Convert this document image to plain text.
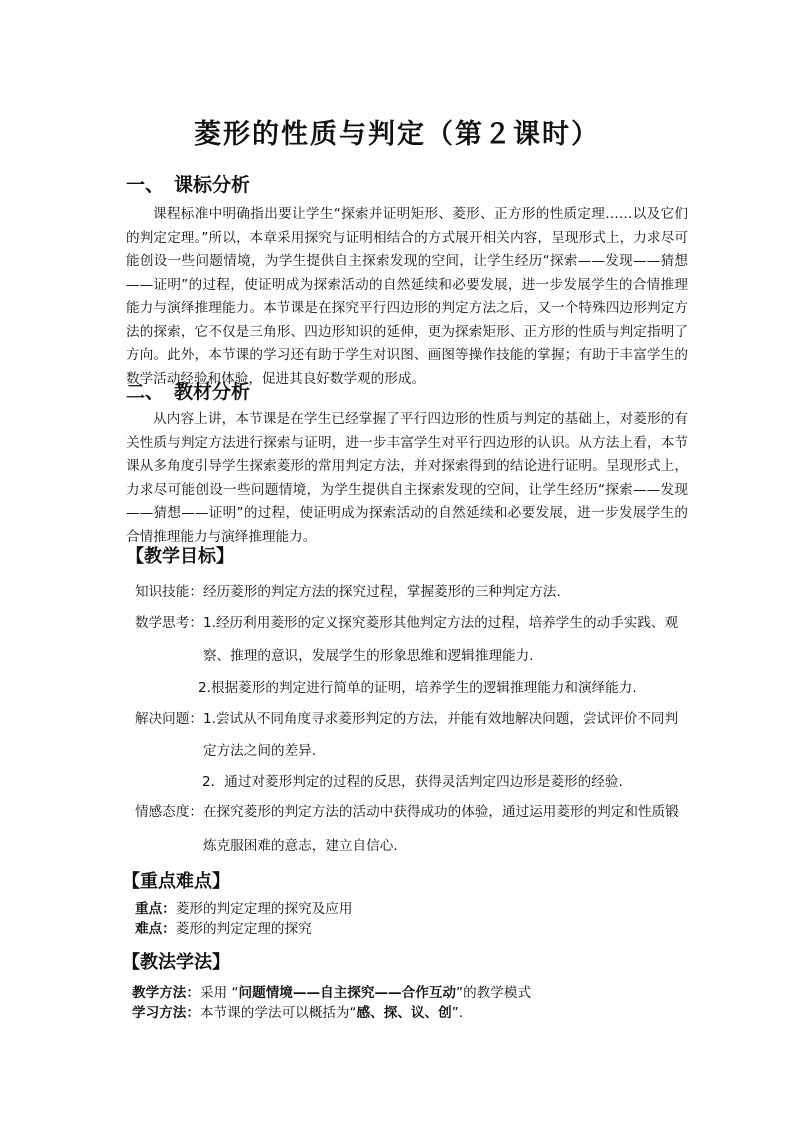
菱形的性质与判定（第２课时）
一、 课标分析

课程标准中明确指出要让学生“探索并证明矩形、菱形、正方形的性质定理……以及它们的判定定理。”所以，本章采用探究与证明相结合的方式展开相关内容，呈现形式上，力求尽可能创设一些问题情境，为学生提供自主探索发现的空间，让学生经历“探索——发现——猜想——证明”的过程，使证明成为探索活动的自然延续和必要发展，进一步发展学生的合情推理能力与演绎推理能力。本节课是在探究平行四边形的判定方法之后，又一个特殊四边形判定方法的探索，它不仅是三角形、四边形知识的延伸，更为探索矩形、正方形的性质与判定指明了方向。此外，本节课的学习还有助于学生对识图、画图等操作技能的掌握；有助于丰富学生的数学活动经验和体验，促进其良好数学观的形成。

二、 教材分析

从内容上讲，本节课是在学生已经掌握了平行四边形的性质与判定的基础上，对菱形的有关性质与判定方法进行探索与证明，进一步丰富学生对平行四边形的认识。从方法上看，本节课从多角度引导学生探索菱形的常用判定方法，并对探索得到的结论进行证明。呈现形式上，力求尽可能创设一些问题情境，为学生提供自主探索发现的空间，让学生经历“探索——发现——猜想——证明”的过程，使证明成为探索活动的自然延续和必要发展，进一步发展学生的合情推理能力与演绎推理能力。

【教学目标】
知识技能：经历菱形的判定方法的探究过程，掌握菱形的三种判定方法.
数学思考：1.经历利用菱形的定义探究菱形其他判定方法的过程，培养学生的动手实践、观
察、推理的意识，发展学生的形象思维和逻辑推理能力.
2.根据菱形的判定进行简单的证明，培养学生的逻辑推理能力和演绎能力.
解决问题：1.尝试从不同角度寻求菱形判定的方法，并能有效地解决问题，尝试评价不同判
定方法之间的差异.
2．通过对菱形判定的过程的反思，获得灵活判定四边形是菱形的经验.
情感态度：在探究菱形的判定方法的活动中获得成功的体验，通过运用菱形的判定和性质锻
炼克服困难的意志，建立自信心.
【重点难点】
重点：菱形的判定定理的探究及应用
难点：菱形的判定定理的探究
【教法学法】
教学方法：采用 “问题情境——自主探究——合作互动”的教学模式
学习方法：本节课的学法可以概括为“感、探、议、创”.
